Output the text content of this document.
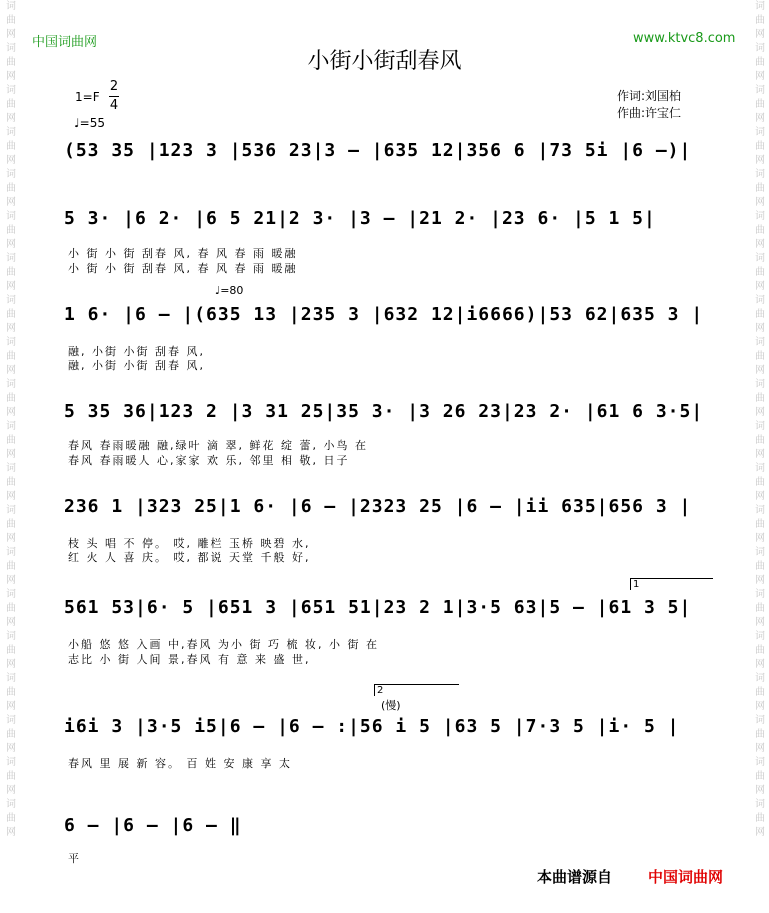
词曲网词曲网词曲网词曲网词曲网词曲网词曲网词曲网词曲网词曲网词曲网词曲网词曲网词曲网词曲网词曲网词曲网词曲网词曲网词曲网
词曲网词曲网词曲网词曲网词曲网词曲网词曲网词曲网词曲网词曲网词曲网词曲网词曲网词曲网词曲网词曲网词曲网词曲网词曲网词曲网
中国词曲网	www.ktvc8.com
小街小街刮春风
1=F
2
4
♩=55
作词:刘国柏
作曲:许宝仁
(53 35 |123 3 |536 23|3 – |635 12|356 6 |73 5i |6 –)|
5 3· |6 2· |6 5 21|2 3· |3 – |21 2· |23 6· |5 1 5|
小 街 小 街 刮春 风, 春 风 春 雨 暖融
小 街 小 街 刮春 风, 春 风 春 雨 暖融
♩=80
1 6· |6 – |(635 13 |235 3 |632 12|i6666)|53 62|635 3 |
融, 小街 小街 刮春 风,
融, 小街 小街 刮春 风,
5 35 36|123 2 |3 31 25|35 3· |3 26 23|23 2· |61 6 3·5|
春风 春雨暖融 融,绿叶 滴 翠, 鲜花 绽 蕾, 小鸟 在
春风 春雨暖人 心,家家 欢 乐, 邻里 相 敬, 日子
236 1 |323 25|1 6· |6 – |2323 25 |6 – |ii 635|656 3 |
枝 头 唱 不 停。 哎, 雕栏 玉桥 映碧 水,
红 火 人 喜 庆。 哎, 都说 天堂 千般 好,
1
561 53|6· 5 |651 3 |651 51|23 2 1|3·5 63|5 – |61 3 5|
小船 悠 悠 入画 中,春风 为小 街 巧 梳 妆, 小 街 在
志比 小 街 人间 景,春风 有 意 来 盛 世,
2
(慢)
i6i 3 |3·5 i5|6 – |6 – :|56 i 5 |63 5 |7·3 5 |i· 5 |
春风 里 展 新 容。 百 姓 安 康 享 太
6 – |6 – |6 – ‖
平
本曲谱源自 中国词曲网
